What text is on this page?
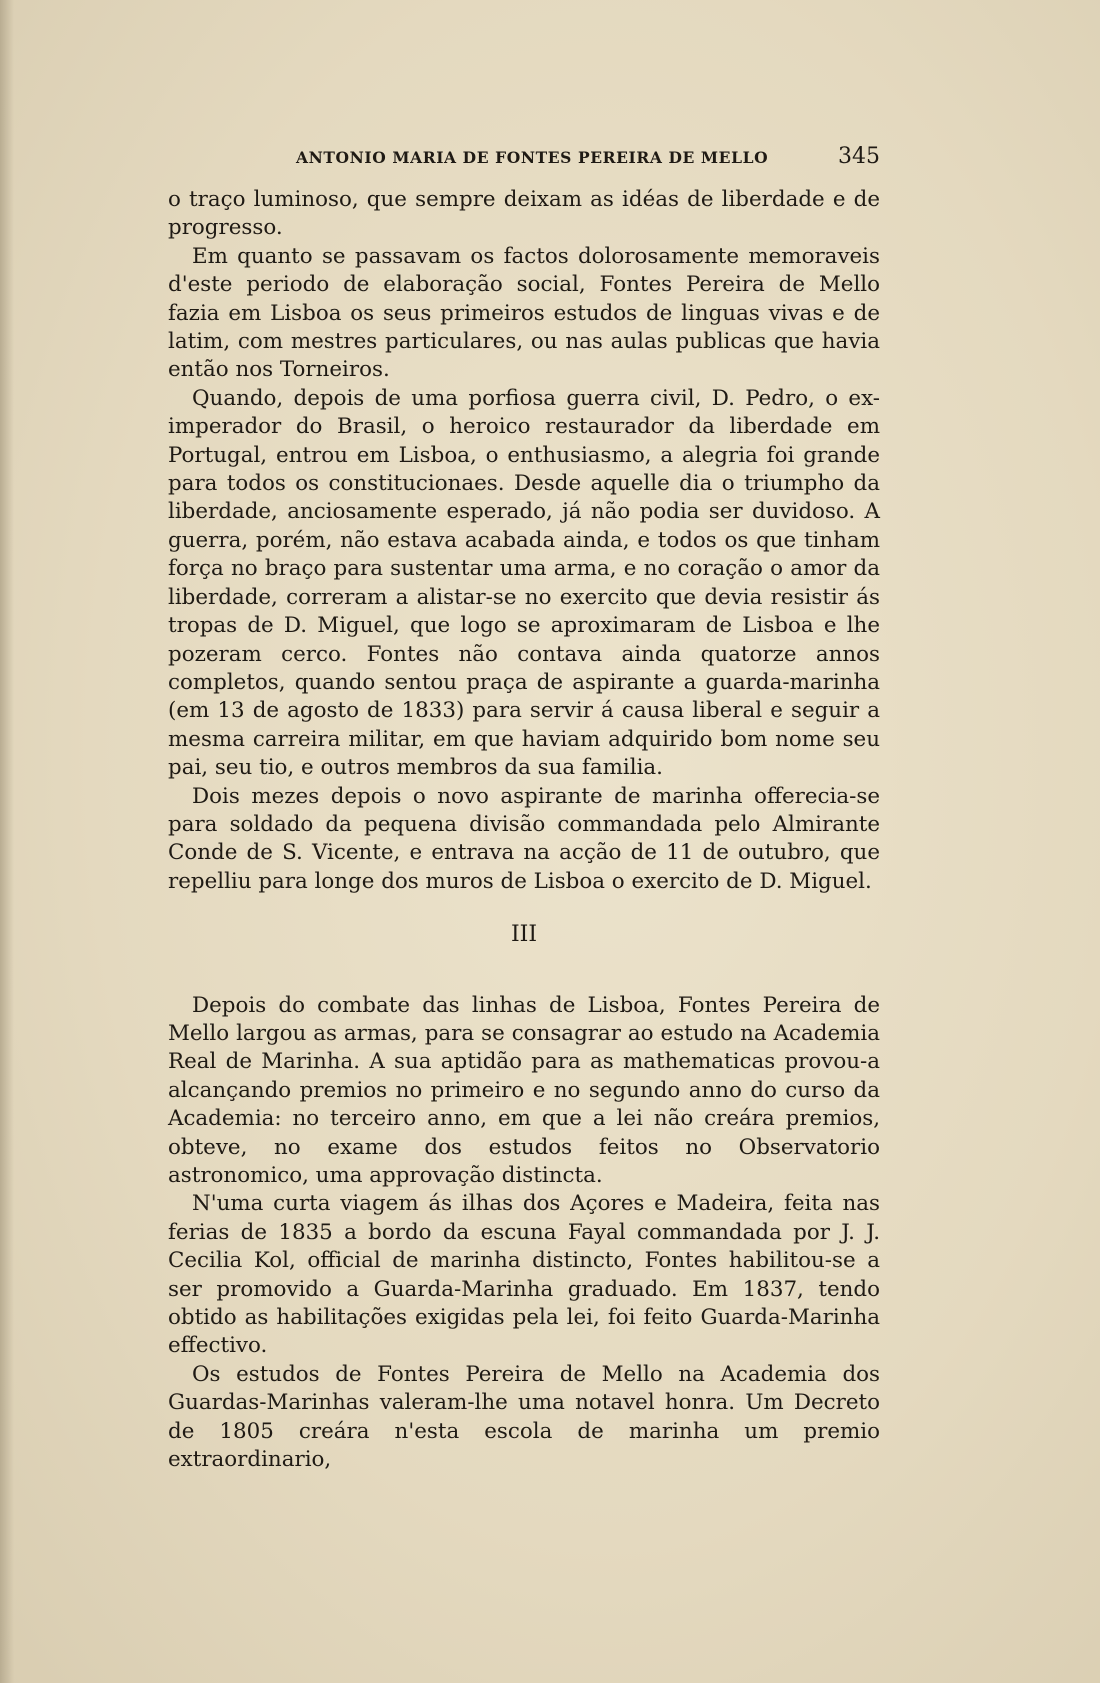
ANTONIO MARIA DE FONTES PEREIRA DE MELLO	345

o traço luminoso, que sempre deixam as idéas de liberdade e de progresso.

Em quanto se passavam os factos dolorosamente memoraveis d'este periodo de elaboração social, Fontes Pereira de Mello fazia em Lisboa os seus primeiros estudos de linguas vivas e de latim, com mestres particulares, ou nas aulas publicas que havia então nos Torneiros.

Quando, depois de uma porfiosa guerra civil, D. Pedro, o ex-imperador do Brasil, o heroico restaurador da liberdade em Portugal, entrou em Lisboa, o enthusiasmo, a alegria foi grande para todos os constitucionaes. Desde aquelle dia o triumpho da liberdade, anciosamente esperado, já não podia ser duvidoso. A guerra, porém, não estava acabada ainda, e todos os que tinham força no braço para sustentar uma arma, e no coração o amor da liberdade, correram a alistar-se no exercito que devia resistir ás tropas de D. Miguel, que logo se aproximaram de Lisboa e lhe pozeram cerco. Fontes não contava ainda quatorze annos completos, quando sentou praça de aspirante a guarda-marinha (em 13 de agosto de 1833) para servir á causa liberal e seguir a mesma carreira militar, em que haviam adquirido bom nome seu pai, seu tio, e outros membros da sua familia.

Dois mezes depois o novo aspirante de marinha offerecia-se para soldado da pequena divisão commandada pelo Almirante Conde de S. Vicente, e entrava na acção de 11 de outubro, que repelliu para longe dos muros de Lisboa o exercito de D. Miguel.

III

Depois do combate das linhas de Lisboa, Fontes Pereira de Mello largou as armas, para se consagrar ao estudo na Academia Real de Marinha. A sua aptidão para as mathematicas provou-a alcançando premios no primeiro e no segundo anno do curso da Academia: no terceiro anno, em que a lei não creára premios, obteve, no exame dos estudos feitos no Observatorio astronomico, uma approvação distincta.

N'uma curta viagem ás ilhas dos Açores e Madeira, feita nas ferias de 1835 a bordo da escuna Fayal commandada por J. J. Cecilia Kol, official de marinha distincto, Fontes habilitou-se a ser promovido a Guarda-Marinha graduado. Em 1837, tendo obtido as habilitações exigidas pela lei, foi feito Guarda-Marinha effectivo.

Os estudos de Fontes Pereira de Mello na Academia dos Guardas-Marinhas valeram-lhe uma notavel honra. Um Decreto de 1805 creára n'esta escola de marinha um premio extraordinario,
